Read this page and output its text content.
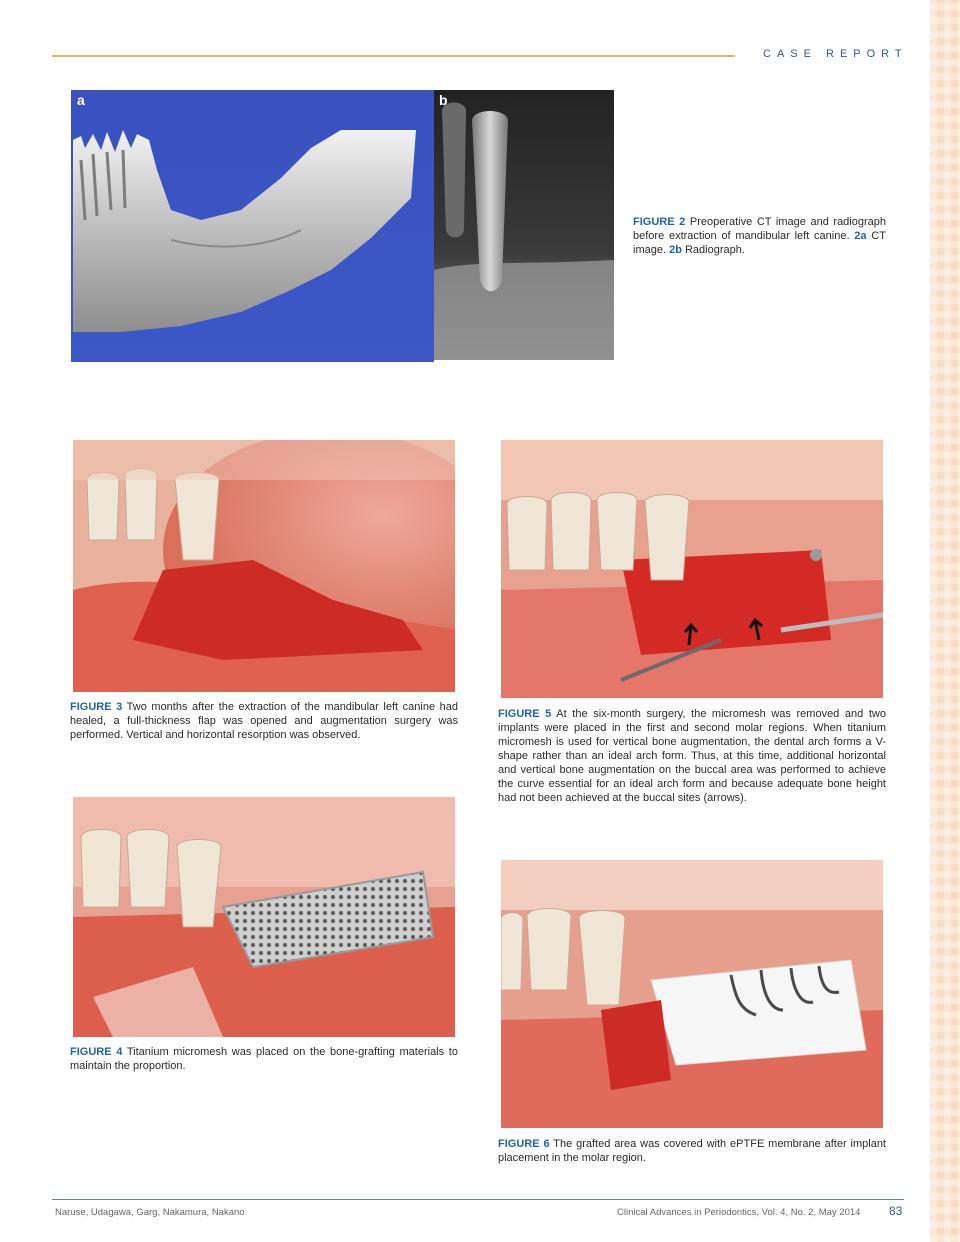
CASE REPORT
a	b
FIGURE 2 Preoperative CT image and radiograph before extraction of mandibular left canine. 2a CT image. 2b Radiograph.
FIGURE 3 Two months after the extraction of the mandibular left canine had healed, a full-thickness flap was opened and augmentation surgery was performed. Vertical and horizontal resorption was observed.
FIGURE 4 Titanium micromesh was placed on the bone-grafting materials to maintain the proportion.
FIGURE 5 At the six-month surgery, the micromesh was removed and two implants were placed in the first and second molar regions. When titanium micromesh is used for vertical bone augmentation, the dental arch forms a V-shape rather than an ideal arch form. Thus, at this time, additional horizontal and vertical bone augmentation on the buccal area was performed to achieve the curve essential for an ideal arch form and because adequate bone height had not been achieved at the buccal sites (arrows).
FIGURE 6 The grafted area was covered with ePTFE membrane after implant placement in the molar region.
Naruse, Udagawa, Garg, Nakamura, Nakano	Clinical Advances in Periodontics, Vol. 4, No. 2, May 2014 83
